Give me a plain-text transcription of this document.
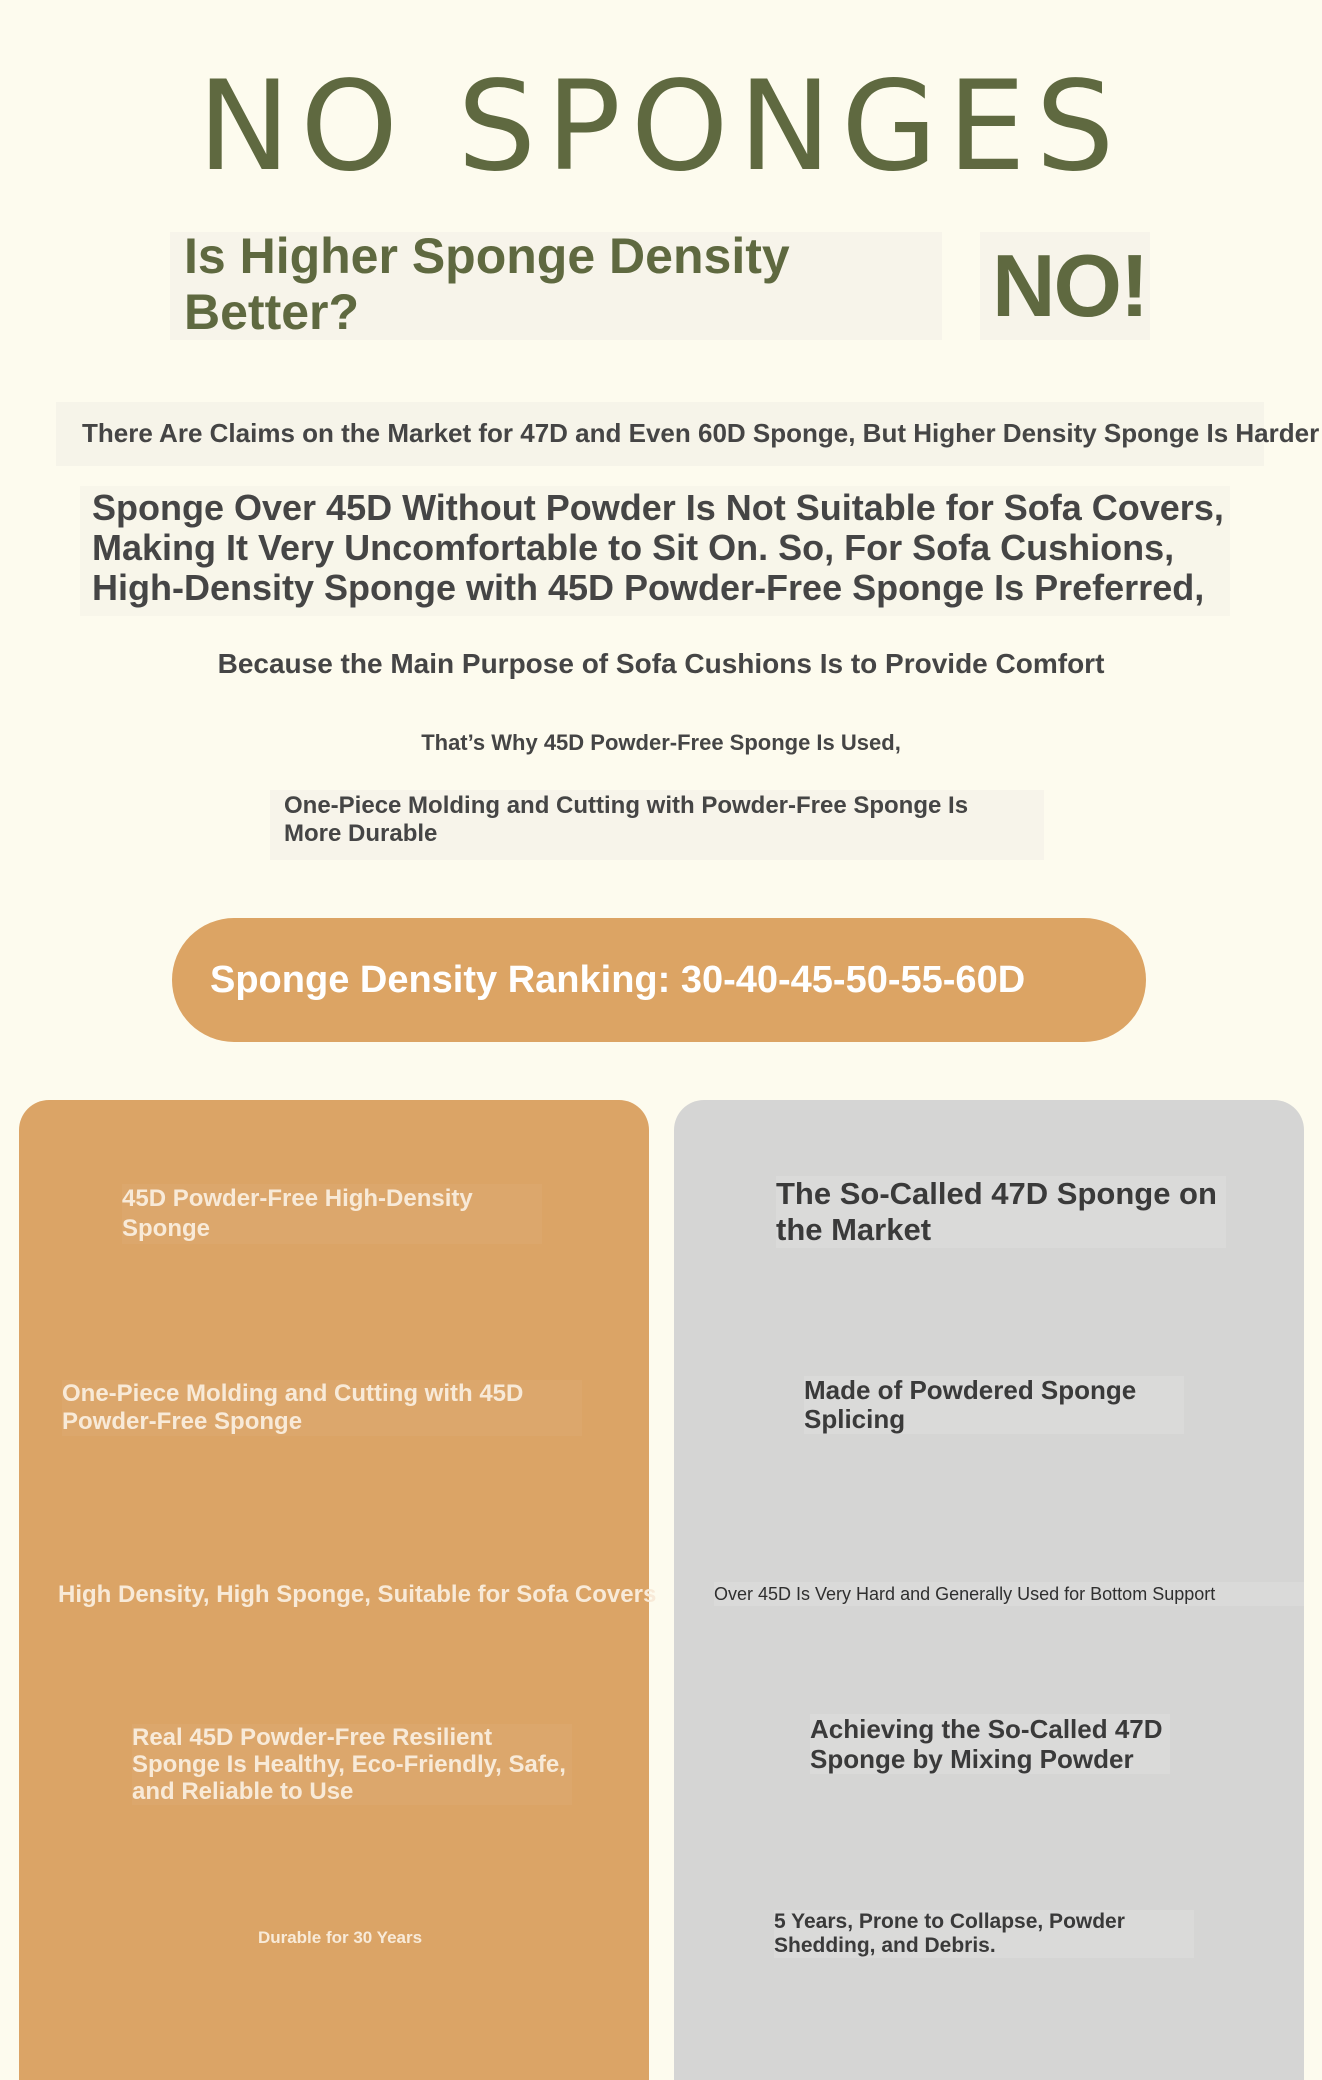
NO SPONGES
Is Higher Sponge Density Better?	NO!
There Are Claims on the Market for 47D and Even 60D Sponge, But Higher Density Sponge Is Harder
Sponge Over 45D Without Powder Is Not Suitable for Sofa Covers, Making It Very Uncomfortable to Sit On. So, For Sofa Cushions, High-Density Sponge with 45D Powder-Free Sponge Is Preferred,
Because the Main Purpose of Sofa Cushions Is to Provide Comfort
That’s Why 45D Powder-Free Sponge Is Used,
One-Piece Molding and Cutting with Powder-Free Sponge Is More Durable
Sponge Density Ranking: 30-40-45-50-55-60D
45D Powder-Free High-Density Sponge
One-Piece Molding and Cutting with 45D Powder-Free Sponge
High Density, High Sponge, Suitable for Sofa Covers
Real 45D Powder-Free Resilient Sponge Is Healthy, Eco-Friendly, Safe, and Reliable to Use
Durable for 30 Years
The So-Called 47D Sponge on the Market
Made of Powdered Sponge Splicing
Over 45D Is Very Hard and Generally Used for Bottom Support
Achieving the So-Called 47D Sponge by Mixing Powder
5 Years, Prone to Collapse, Powder Shedding, and Debris.
